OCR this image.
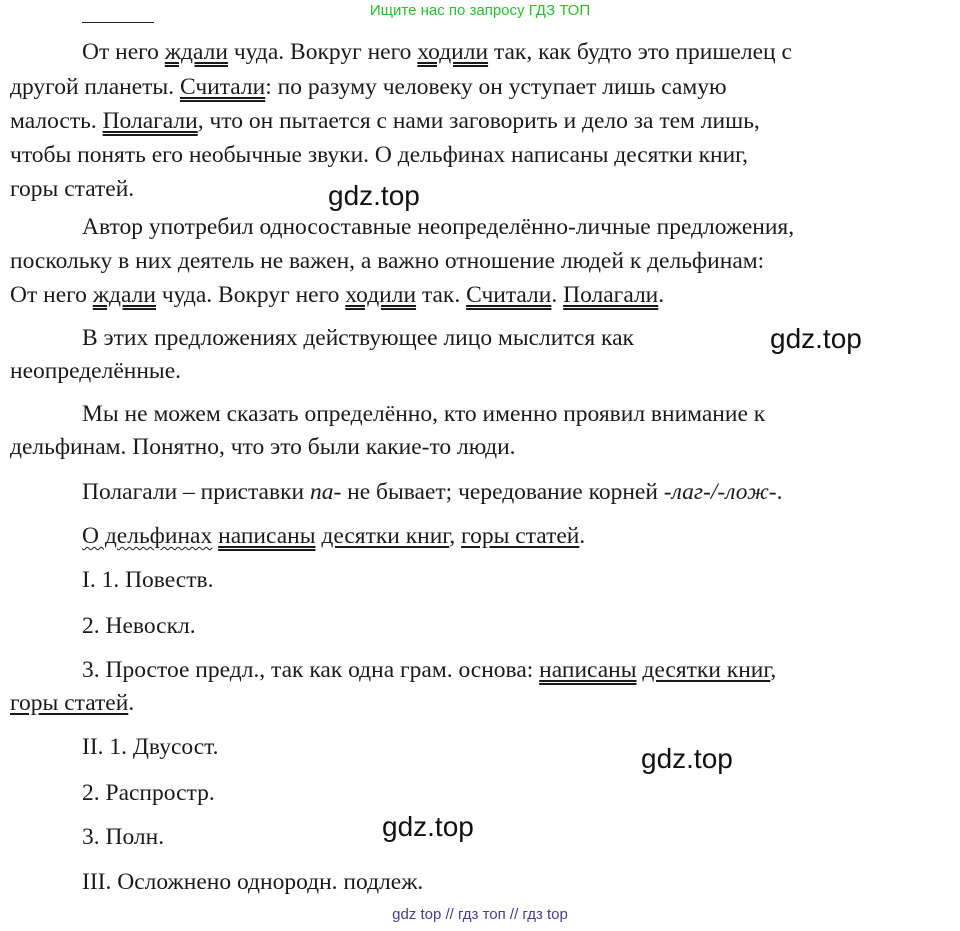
Ищите нас по запросу ГДЗ ТОП
От него ждали чуда. Вокруг него ходили так, как будто это пришелец с
другой планеты. Считали: по разуму человеку он уступает лишь самую
малость. Полагали, что он пытается с нами заговорить и дело за тем лишь,
чтобы понять его необычные звуки. О дельфинах написаны десятки книг,
горы статей.	gdz.top
Автор употребил односоставные неопределённо-личные предложения,
поскольку в них деятель не важен, а важно отношение людей к дельфинам:
От него ждали чуда. Вокруг него ходили так. Считали. Полагали.
В этих предложениях действующее лицо мыслится как	gdz.top
неопределённые.
Мы не можем сказать определённо, кто именно проявил внимание к
дельфинам. Понятно, что это были какие-то люди.
Полагали – приставки па- не бывает; чередование корней -лаг-/-лож-.
О дельфинах написаны десятки книг, горы статей.
I. 1. Повеств.
2. Невоскл.
3. Простое предл., так как одна грам. основа: написаны десятки книг,
горы статей.
II. 1. Двусост.	gdz.top
2. Распростр.
gdz.top
3. Полн.
III. Осложнено однородн. подлеж.
gdz top // гдз топ // гдз top
